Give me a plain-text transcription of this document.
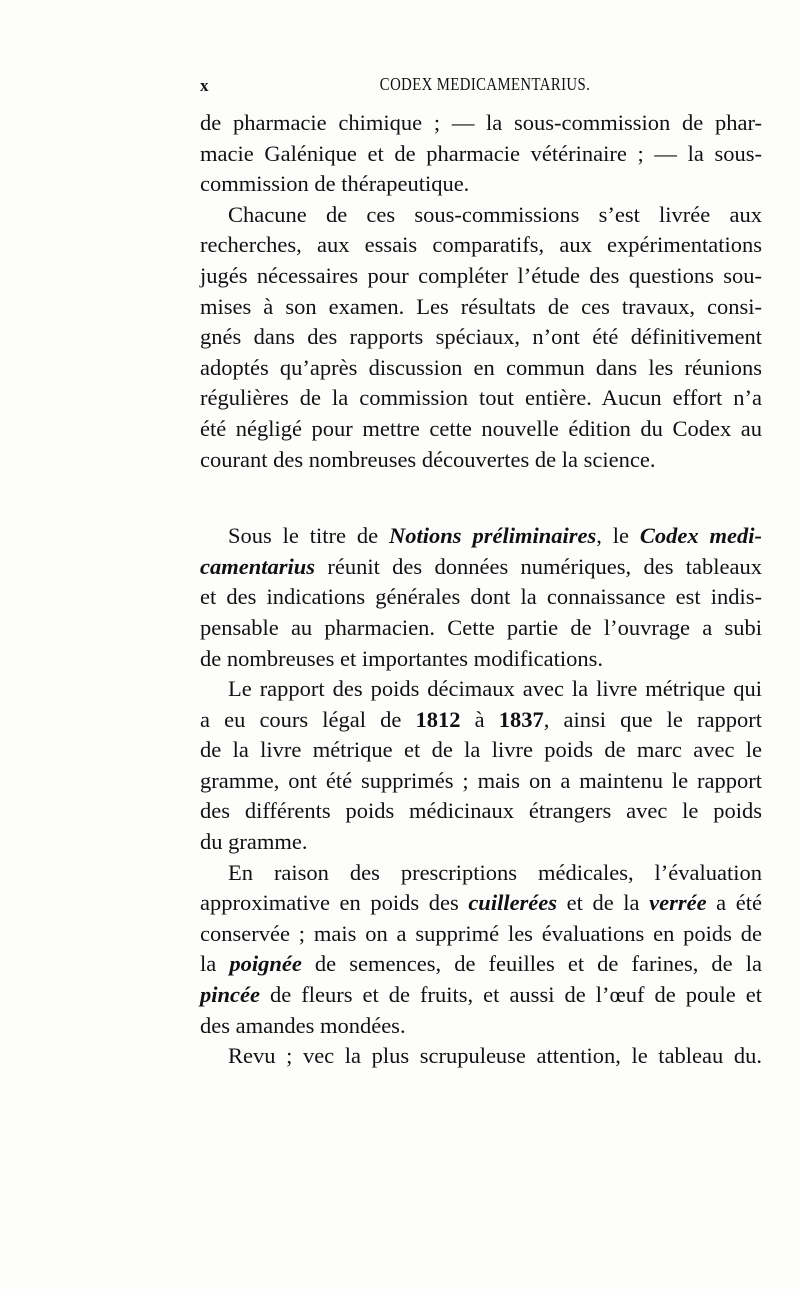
x	CODEX MEDICAMENTARIUS.
de pharmacie chimique ; — la sous-commission de phar-
macie Galénique et de pharmacie vétérinaire ; — la sous-
commission de thérapeutique.
Chacune de ces sous-commissions s’est livrée aux
recherches, aux essais comparatifs, aux expérimentations
jugés nécessaires pour compléter l’étude des questions sou-
mises à son examen. Les résultats de ces travaux, consi-
gnés dans des rapports spéciaux, n’ont été définitivement
adoptés qu’après discussion en commun dans les réunions
régulières de la commission tout entière. Aucun effort n’a
été négligé pour mettre cette nouvelle édition du Codex au
courant des nombreuses découvertes de la science.
Sous le titre de Notions préliminaires, le Codex medi-
camentarius réunit des données numériques, des tableaux
et des indications générales dont la connaissance est indis-
pensable au pharmacien. Cette partie de l’ouvrage a subi
de nombreuses et importantes modifications.
Le rapport des poids décimaux avec la livre métrique qui
a eu cours légal de 1812 à 1837, ainsi que le rapport
de la livre métrique et de la livre poids de marc avec le
gramme, ont été supprimés ; mais on a maintenu le rapport
des différents poids médicinaux étrangers avec le poids
du gramme.
En raison des prescriptions médicales, l’évaluation
approximative en poids des cuillerées et de la verrée a été
conservée ; mais on a supprimé les évaluations en poids de
la poignée de semences, de feuilles et de farines, de la
pincée de fleurs et de fruits, et aussi de l’œuf de poule et
des amandes mondées.
Revu ; vec la plus scrupuleuse attention, le tableau du.
